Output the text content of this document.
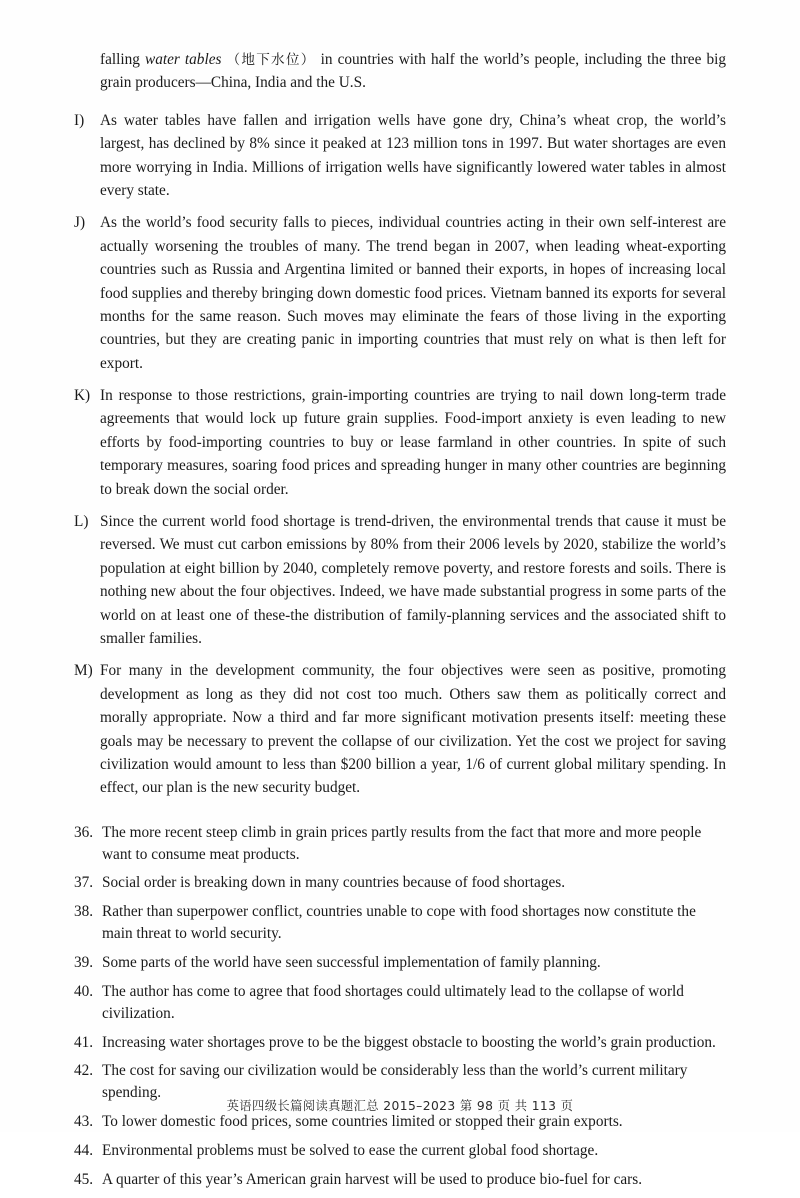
falling water tables （地下水位） in countries with half the world’s people, including the three big grain producers—China, India and the U.S.

I) As water tables have fallen and irrigation wells have gone dry, China’s wheat crop, the world’s largest, has declined by 8% since it peaked at 123 million tons in 1997. But water shortages are even more worrying in India. Millions of irrigation wells have significantly lowered water tables in almost every state.

J) As the world’s food security falls to pieces, individual countries acting in their own self-interest are actually worsening the troubles of many. The trend began in 2007, when leading wheat-exporting countries such as Russia and Argentina limited or banned their exports, in hopes of increasing local food supplies and thereby bringing down domestic food prices. Vietnam banned its exports for several months for the same reason. Such moves may eliminate the fears of those living in the exporting countries, but they are creating panic in importing countries that must rely on what is then left for export.

K) In response to those restrictions, grain-importing countries are trying to nail down long-term trade agreements that would lock up future grain supplies. Food-import anxiety is even leading to new efforts by food-importing countries to buy or lease farmland in other countries. In spite of such temporary measures, soaring food prices and spreading hunger in many other countries are beginning to break down the social order.

L) Since the current world food shortage is trend-driven, the environmental trends that cause it must be reversed. We must cut carbon emissions by 80% from their 2006 levels by 2020, stabilize the world’s population at eight billion by 2040, completely remove poverty, and restore forests and soils. There is nothing new about the four objectives. Indeed, we have made substantial progress in some parts of the world on at least one of these-the distribution of family-planning services and the associated shift to smaller families.

M) For many in the development community, the four objectives were seen as positive, promoting development as long as they did not cost too much. Others saw them as politically correct and morally appropriate. Now a third and far more significant motivation presents itself: meeting these goals may be necessary to prevent the collapse of our civilization. Yet the cost we project for saving civilization would amount to less than $200 billion a year, 1/6 of current global military spending. In effect, our plan is the new security budget.

36. The more recent steep climb in grain prices partly results from the fact that more and more people want to consume meat products.

37. Social order is breaking down in many countries because of food shortages.

38. Rather than superpower conflict, countries unable to cope with food shortages now constitute the main threat to world security.

39. Some parts of the world have seen successful implementation of family planning.

40. The author has come to agree that food shortages could ultimately lead to the collapse of world civilization.

41. Increasing water shortages prove to be the biggest obstacle to boosting the world’s grain production.

42. The cost for saving our civilization would be considerably less than the world’s current military spending.

43. To lower domestic food prices, some countries limited or stopped their grain exports.

44. Environmental problems must be solved to ease the current global food shortage.

45. A quarter of this year’s American grain harvest will be used to produce bio-fuel for cars.

英语四级长篇阅读真题汇总 2015–2023 第 98 页 共 113 页
